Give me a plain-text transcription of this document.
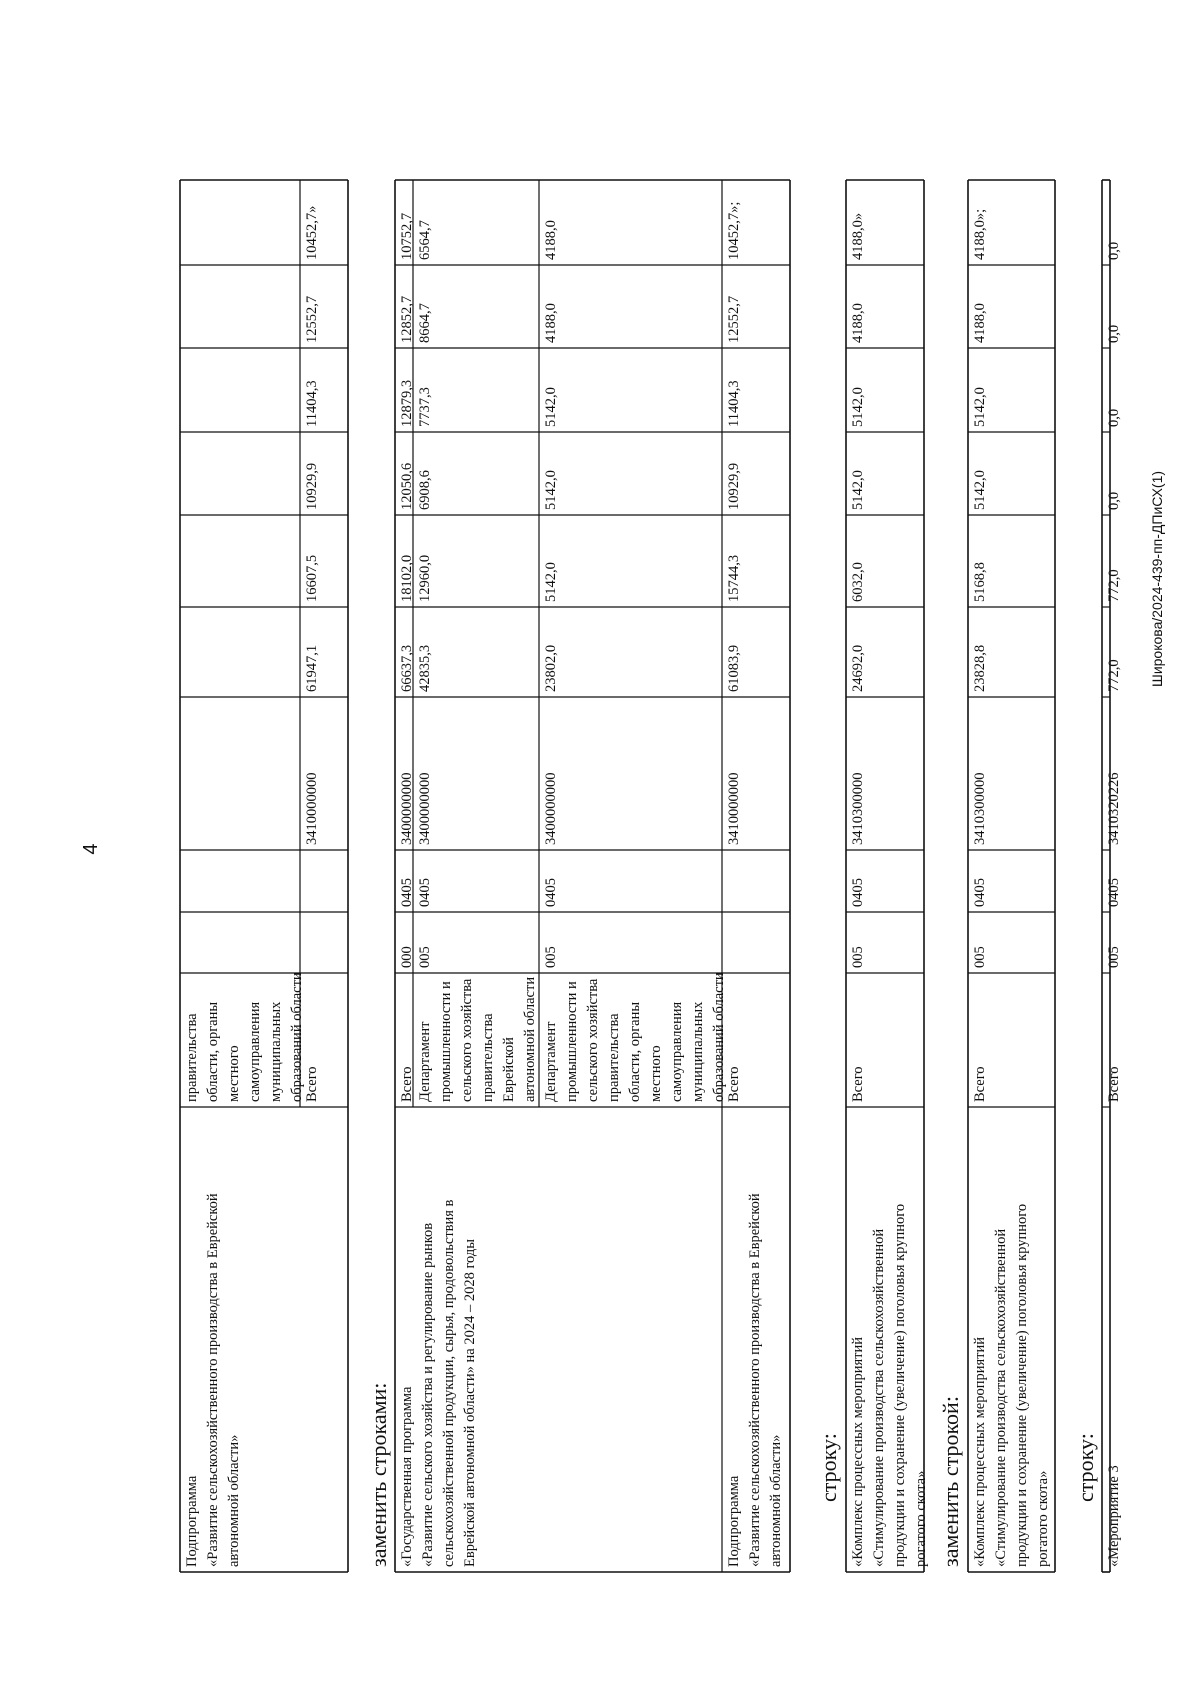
4
Подпрограмма «Развитие сельскохозяйственного производства в Еврейской автономной области»
правительства области, органы местного самоуправления муниципальных образований области Всего
3410000000
61947,1
16607,5
10929,9
11404,3
12552,7
10452,7»
заменить строками: «Государственная программа «Развитие сельского хозяйства и регулирование рынков сельскохозяйственной продукции, сырья, продовольствия в Еврейской автономной области» на 2024 – 2028 годы
Всего
000
0405
3400000000
66637,3
18102,0
12050,6
12879,3
12852,7
10752,7
Департамент промышленности и сельского хозяйства правительства Еврейской автономной области
005
0405
3400000000
42835,3
12960,0
6908,6
7737,3
8664,7
6564,7
Департамент промышленности и сельского хозяйства правительства области, органы местного самоуправления муниципальных образований области
005
0405
3400000000
23802,0
5142,0
5142,0
5142,0
4188,0
4188,0
Подпрограмма «Развитие сельскохозяйственного производства в Еврейской автономной области»
Всего
3410000000
61083,9
15744,3
10929,9
11404,3
12552,7
10452,7»;
строку: «Комплекс процессных мероприятий «Стимулирование производства сельскохозяйственной продукции и сохранение (увеличение) поголовья крупного рогатого скота»
Всего
005
0405
3410300000
24692,0
6032,0
5142,0
5142,0
4188,0
4188,0»
заменить строкой: «Комплекс процессных мероприятий «Стимулирование производства сельскохозяйственной продукции и сохранение (увеличение) поголовья крупного рогатого скота»
Всего
005
0405
3410300000
23828,8
5168,8
5142,0
5142,0
4188,0
4188,0»;
строку: «Мероприятие 3
Всего
005
0405
3410320226
772,0
772,0
0,0
0,0
0,0
0,0
Широкова/2024-439-пп-ДПиСХ(1)
